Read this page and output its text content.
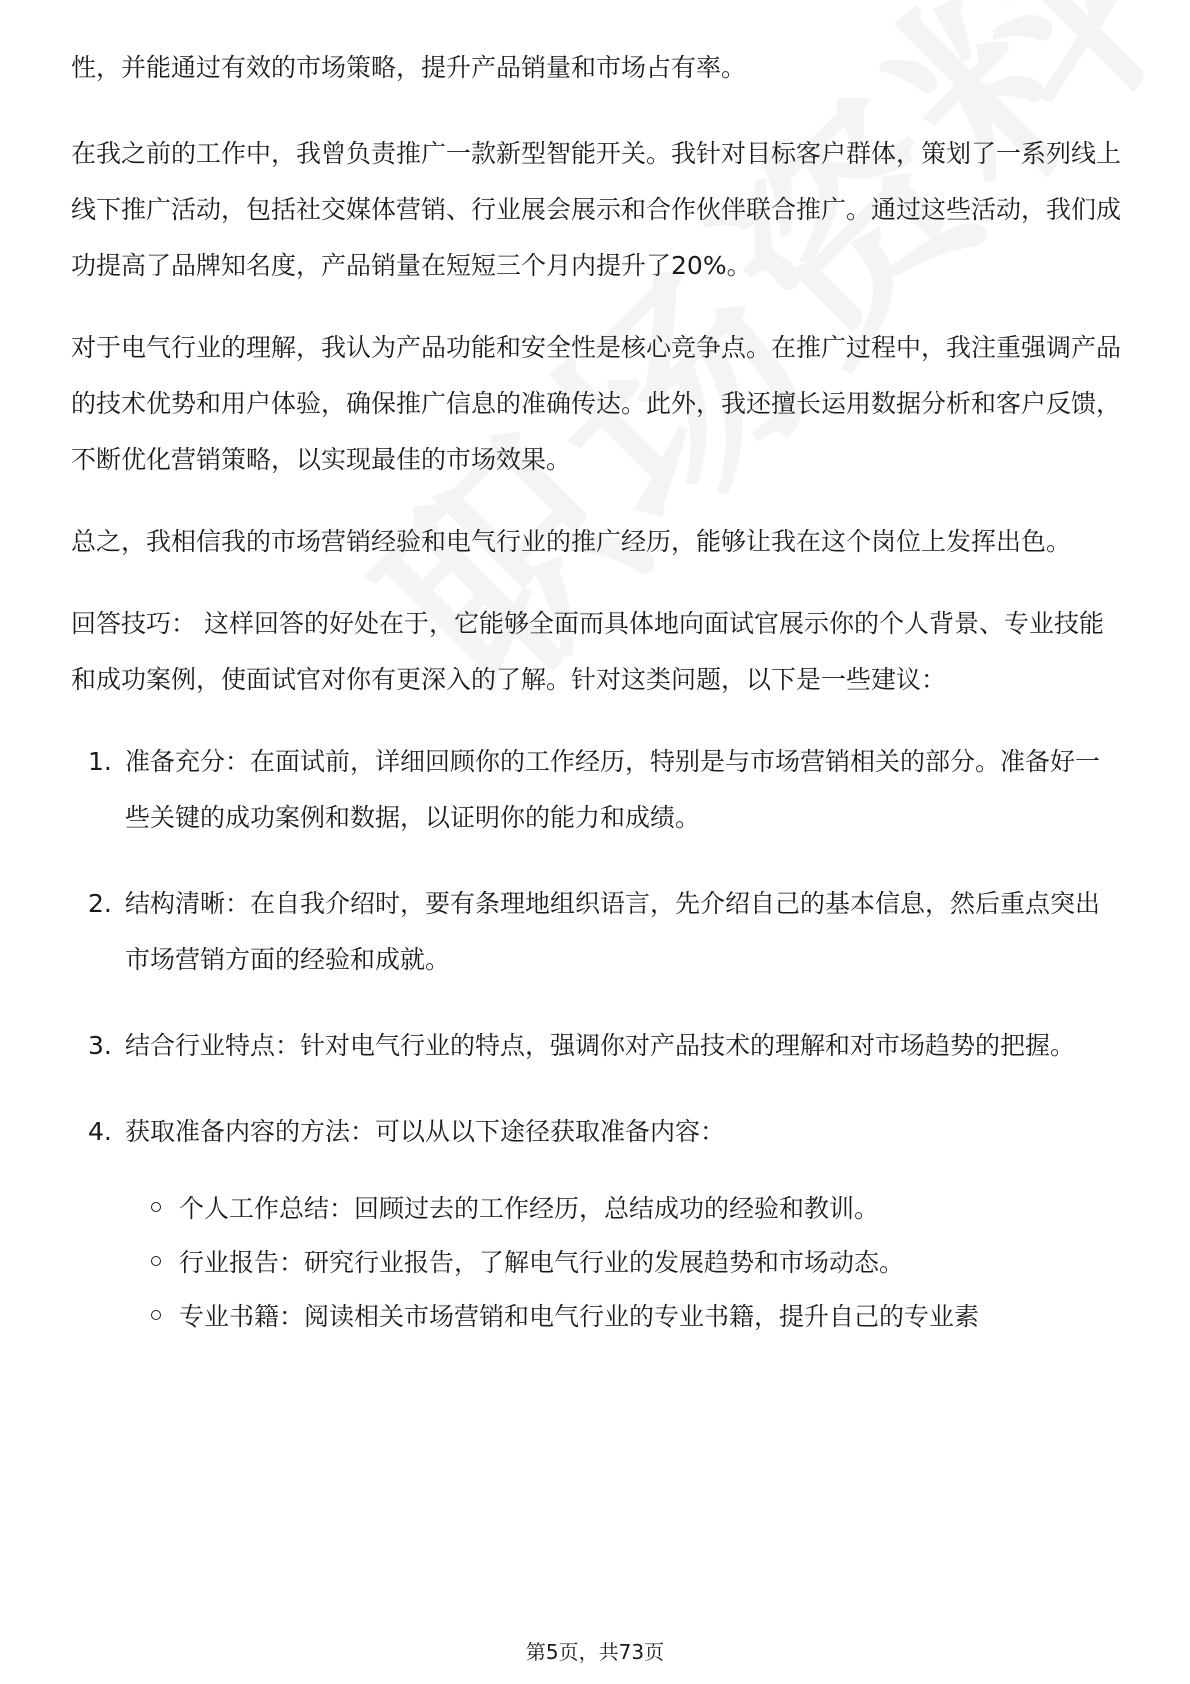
性，并能通过有效的市场策略，提升产品销量和市场占有率。

在我之前的工作中，我曾负责推广一款新型智能开关。我针对目标客户群体，策划了一系列线上线下推广活动，包括社交媒体营销、行业展会展示和合作伙伴联合推广。通过这些活动，我们成功提高了品牌知名度，产品销量在短短三个月内提升了20%。

对于电气行业的理解，我认为产品功能和安全性是核心竞争点。在推广过程中，我注重强调产品的技术优势和用户体验，确保推广信息的准确传达。此外，我还擅长运用数据分析和客户反馈，不断优化营销策略，以实现最佳的市场效果。

总之，我相信我的市场营销经验和电气行业的推广经历，能够让我在这个岗位上发挥出色。

回答技巧： 这样回答的好处在于，它能够全面而具体地向面试官展示你的个人背景、专业技能和成功案例，使面试官对你有更深入的了解。针对这类问题，以下是一些建议：

1. 准备充分：在面试前，详细回顾你的工作经历，特别是与市场营销相关的部分。准备好一些关键的成功案例和数据，以证明你的能力和成绩。
2. 结构清晰：在自我介绍时，要有条理地组织语言，先介绍自己的基本信息，然后重点突出市场营销方面的经验和成就。
3. 结合行业特点：针对电气行业的特点，强调你对产品技术的理解和对市场趋势的把握。
4. 获取准备内容的方法：可以从以下途径获取准备内容：
个人工作总结：回顾过去的工作经历，总结成功的经验和教训。
行业报告：研究行业报告，了解电气行业的发展趋势和市场动态。
专业书籍：阅读相关市场营销和电气行业的专业书籍，提升自己的专业素
第5页，共73页
